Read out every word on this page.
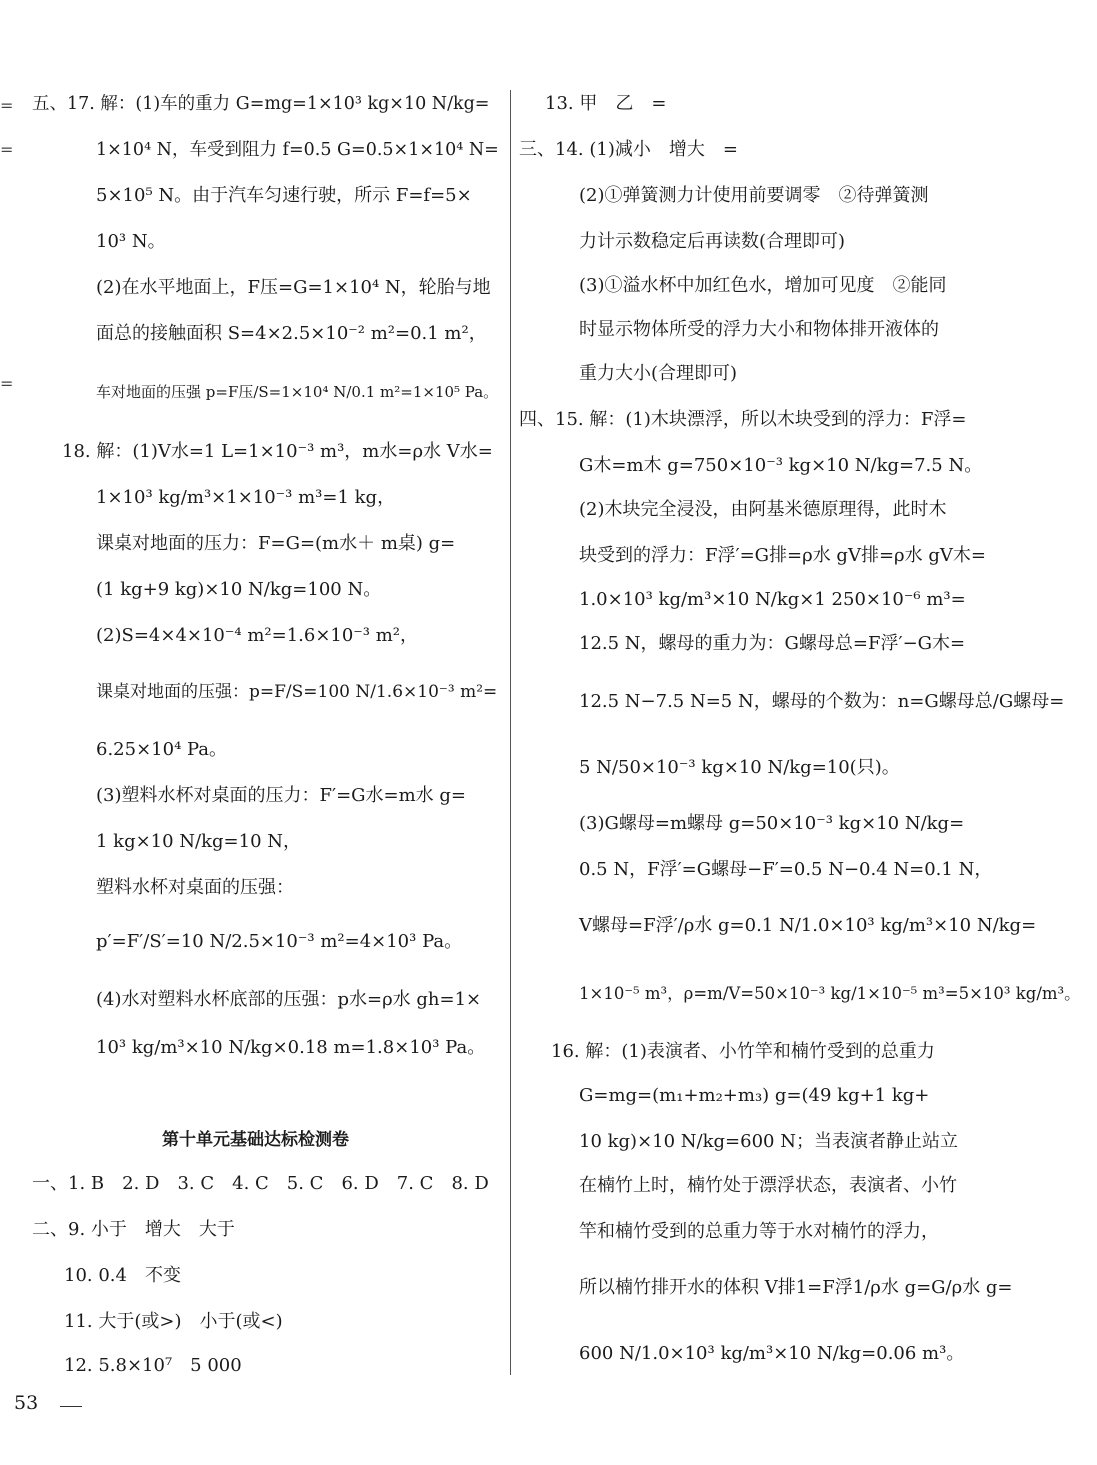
五、17. 解：(1)车的重力 G=mg=1×10³ kg×10 N/kg=
1×10⁴ N，车受到阻力 f=0.5 G=0.5×1×10⁴ N=
5×10⁵ N。由于汽车匀速行驶，所示 F=f=5×
10³ N。
(2)在水平地面上，F压=G=1×10⁴ N，轮胎与地
面总的接触面积 S=4×2.5×10⁻² m²=0.1 m²，
车对地面的压强 p=F压/S=1×10⁴ N/0.1 m²=1×10⁵ Pa。
18. 解：(1)V水=1 L=1×10⁻³ m³，m水=ρ水 V水=
1×10³ kg/m³×1×10⁻³ m³=1 kg，
课桌对地面的压力：F=G=(m水＋ m桌) g=
(1 kg+9 kg)×10 N/kg=100 N。
(2)S=4×4×10⁻⁴ m²=1.6×10⁻³ m²，
课桌对地面的压强：p=F/S=100 N/1.6×10⁻³ m²=
6.25×10⁴ Pa。
(3)塑料水杯对桌面的压力：F′=G水=m水 g=
1 kg×10 N/kg=10 N，
塑料水杯对桌面的压强：
p′=F′/S′=10 N/2.5×10⁻³ m²=4×10³ Pa。
(4)水对塑料水杯底部的压强：p水=ρ水 gh=1×
10³ kg/m³×10 N/kg×0.18 m=1.8×10³ Pa。
第十单元基础达标检测卷
一、1. B　2. D　3. C　4. C　5. C　6. D　7. C　8. D
二、9. 小于　增大　大于
10. 0.4　不变
11. 大于(或>)　小于(或<)
12. 5.8×10⁷　5 000
13. 甲　乙　=
三、14. (1)减小　增大　=
(2)①弹簧测力计使用前要调零　②待弹簧测
力计示数稳定后再读数(合理即可)
(3)①溢水杯中加红色水，增加可见度　②能同
时显示物体所受的浮力大小和物体排开液体的
重力大小(合理即可)
四、15. 解：(1)木块漂浮，所以木块受到的浮力：F浮=
G木=m木 g=750×10⁻³ kg×10 N/kg=7.5 N。
(2)木块完全浸没，由阿基米德原理得，此时木
块受到的浮力：F浮′=G排=ρ水 gV排=ρ水 gV木=
1.0×10³ kg/m³×10 N/kg×1 250×10⁻⁶ m³=
12.5 N，螺母的重力为：G螺母总=F浮′−G木=
12.5 N−7.5 N=5 N，螺母的个数为：n=G螺母总/G螺母=
5 N/50×10⁻³ kg×10 N/kg=10(只)。
(3)G螺母=m螺母 g=50×10⁻³ kg×10 N/kg=
0.5 N，F浮′=G螺母−F′=0.5 N−0.4 N=0.1 N，
V螺母=F浮′/ρ水 g=0.1 N/1.0×10³ kg/m³×10 N/kg=
1×10⁻⁵ m³，ρ=m/V=50×10⁻³ kg/1×10⁻⁵ m³=5×10³ kg/m³。
16. 解：(1)表演者、小竹竿和楠竹受到的总重力
G=mg=(m₁+m₂+m₃) g=(49 kg+1 kg+
10 kg)×10 N/kg=600 N；当表演者静止站立
在楠竹上时，楠竹处于漂浮状态，表演者、小竹
竿和楠竹受到的总重力等于水对楠竹的浮力，
所以楠竹排开水的体积 V排1=F浮1/ρ水 g=G/ρ水 g=
600 N/1.0×10³ kg/m³×10 N/kg=0.06 m³。
=
=
=
53
